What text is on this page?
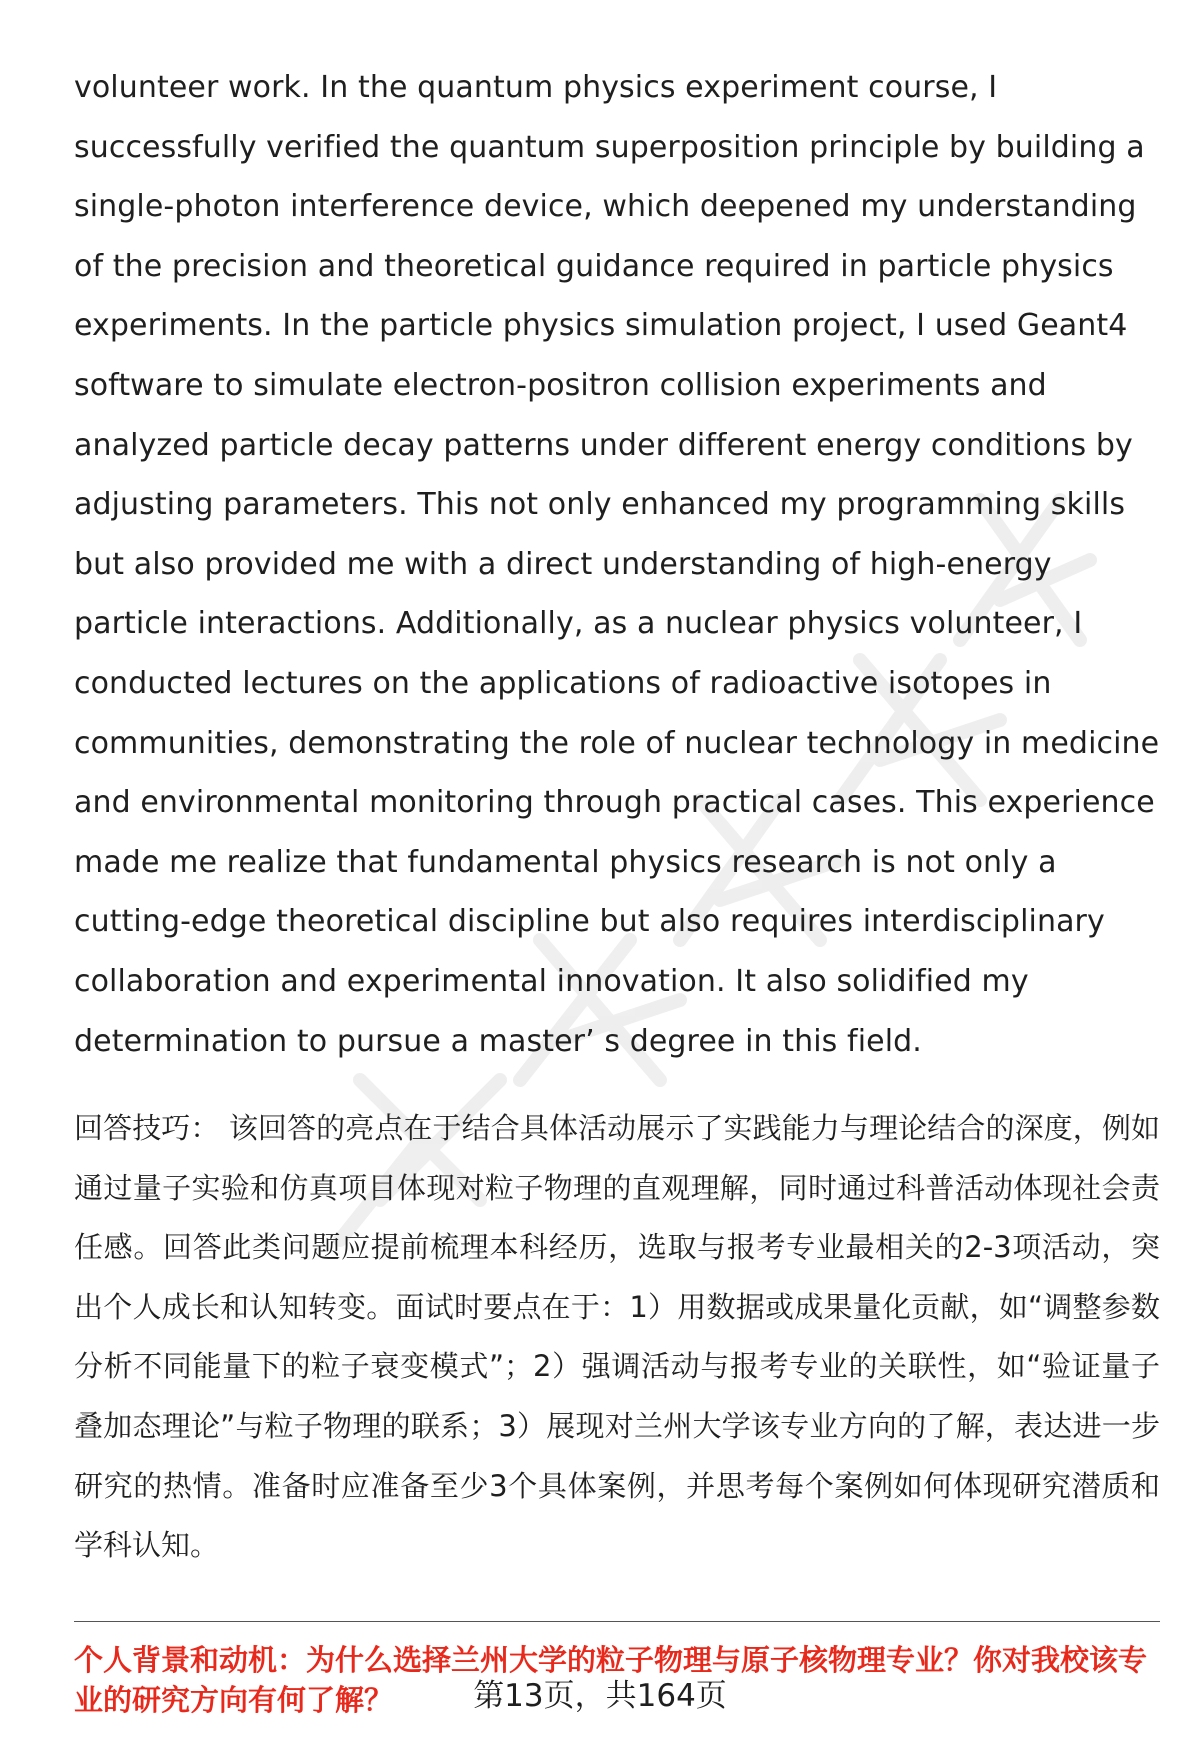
volunteer work. In the quantum physics experiment course, I successfully verified the quantum superposition principle by building a single-photon interference device, which deepened my understanding of the precision and theoretical guidance required in particle physics experiments. In the particle physics simulation project, I used Geant4 software to simulate electron-positron collision experiments and analyzed particle decay patterns under different energy conditions by adjusting parameters. This not only enhanced my programming skills but also provided me with a direct understanding of high-energy particle interactions. Additionally, as a nuclear physics volunteer, I conducted lectures on the applications of radioactive isotopes in communities, demonstrating the role of nuclear technology in medicine and environmental monitoring through practical cases. This experience made me realize that fundamental physics research is not only a cutting-edge theoretical discipline but also requires interdisciplinary collaboration and experimental innovation. It also solidified my determination to pursue a master’ s degree in this field.

回答技巧： 该回答的亮点在于结合具体活动展示了实践能力与理论结合的深度，例如通过量子实验和仿真项目体现对粒子物理的直观理解，同时通过科普活动体现社会责任感。回答此类问题应提前梳理本科经历，选取与报考专业最相关的2-3项活动，突出个人成长和认知转变。面试时要点在于：1）用数据或成果量化贡献，如“调整参数分析不同能量下的粒子衰变模式”；2）强调活动与报考专业的关联性，如“验证量子叠加态理论”与粒子物理的联系；3）展现对兰州大学该专业方向的了解，表达进一步研究的热情。准备时应准备至少3个具体案例，并思考每个案例如何体现研究潜质和学科认知。

个人背景和动机：为什么选择兰州大学的粒子物理与原子核物理专业？你对我校该专业的研究方向有何了解？	第13页，共164页
